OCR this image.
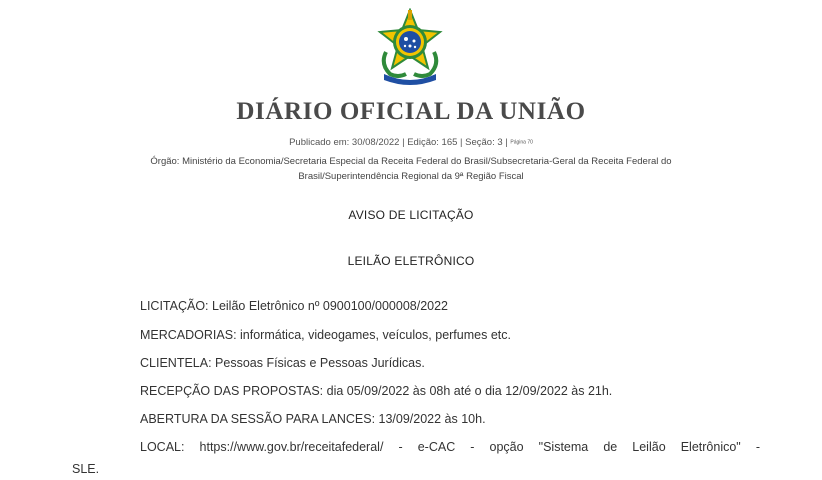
DIÁRIO OFICIAL DA UNIÃO
Publicado em: 30/08/2022 | Edição: 165 | Seção: 3 | Página 70
Órgão: Ministério da Economia/Secretaria Especial da Receita Federal do Brasil/Subsecretaria-Geral da Receita Federal do
Brasil/Superintendência Regional da 9ª Região Fiscal
AVISO DE LICITAÇÃO
LEILÃO ELETRÔNICO
LICITAÇÃO: Leilão Eletrônico nº 0900100/000008/2022
MERCADORIAS: informática, videogames, veículos, perfumes etc.
CLIENTELA: Pessoas Físicas e Pessoas Jurídicas.
RECEPÇÃO DAS PROPOSTAS: dia 05/09/2022 às 08h até o dia 12/09/2022 às 21h.
ABERTURA DA SESSÃO PARA LANCES: 13/09/2022 às 10h.
LOCAL: https://www.gov.br/receitafederal/ - e-CAC - opção "Sistema de Leilão Eletrônico" -
SLE.
